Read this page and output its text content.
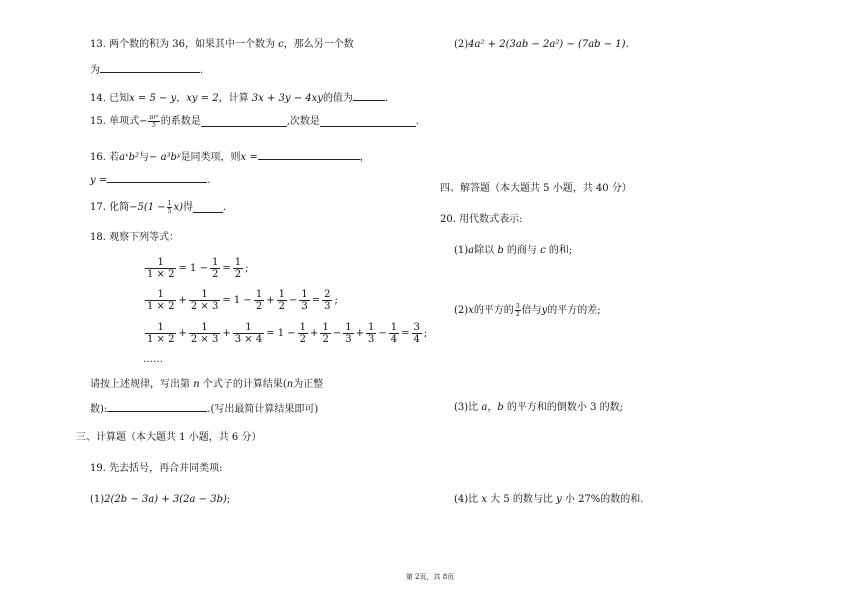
13. 两个数的积为 36，如果其中一个数为 c，那么另一个数
为	.
14. 已知x = 5 − y，xy = 2，计算 3x + 3y − 4xy的值为	.
15. 单项式 − $\frac{\text{πr²}}{5}$ 的系数是	,次数是	.
16. 若aˣb²与− a³bʸ是同类项，则x =	，
y =	.
17. 化简 $-5(1 - \frac{1}{5} x)$ 得	.
18. 观察下列等式：
$\frac{1}{1 \times 2} = 1 - \frac{1}{2} = \frac{1}{2}$ ;
$\frac{1}{1 \times 2} + \frac{1}{2 \times 3} = 1 - \frac{1}{2} + \frac{1}{2} - \frac{1}{3} = \frac{2}{3}$ ;
$\frac{1}{1 \times 2} + \frac{1}{2 \times 3} + \frac{1}{3 \times 4} = 1 - \frac{1}{2} + \frac{1}{2} - \frac{1}{3} + \frac{1}{3} - \frac{1}{4} = \frac{3}{4}$ ;
……
请按上述规律，写出第 n 个式子的计算结果(n为正整
数):	.(写出最简计算结果即可)
三、计算题（本大题共 1 小题，共 6 分）
19. 先去括号，再合并同类项:
(1)2(2b − 3a) + 3(2a − 3b);
(2)4a² + 2(3ab − 2a²) − (7ab − 1).
四、解答题（本大题共 5 小题，共 40 分）
20. 用代数式表示:
(1)a除以 b 的商与 c 的和;
(2) x 的平方的 $\frac{3}{2}$ 倍与 y 的平方的差;
(3)比 a，b 的平方和的倒数小 3 的数;
(4)比 x 大 5 的数与比 y 小 27%的数的和.
第 2页，共 8页
